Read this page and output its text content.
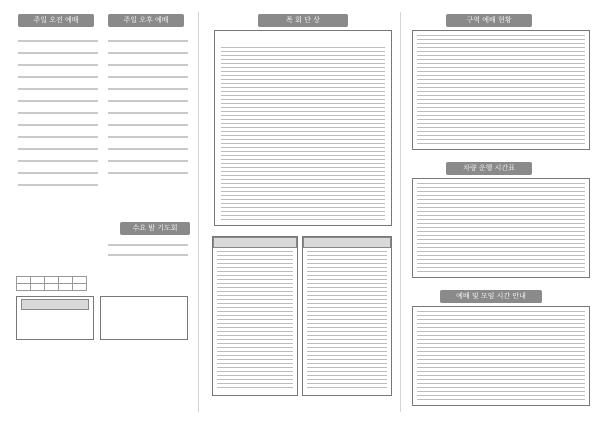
주일 오전 예배	주일 오후 예배
수요 밤 기도회

목 회 단 상	구역 예배 현황
차량 운행 시간표
예배 및 모임 시간 안내
